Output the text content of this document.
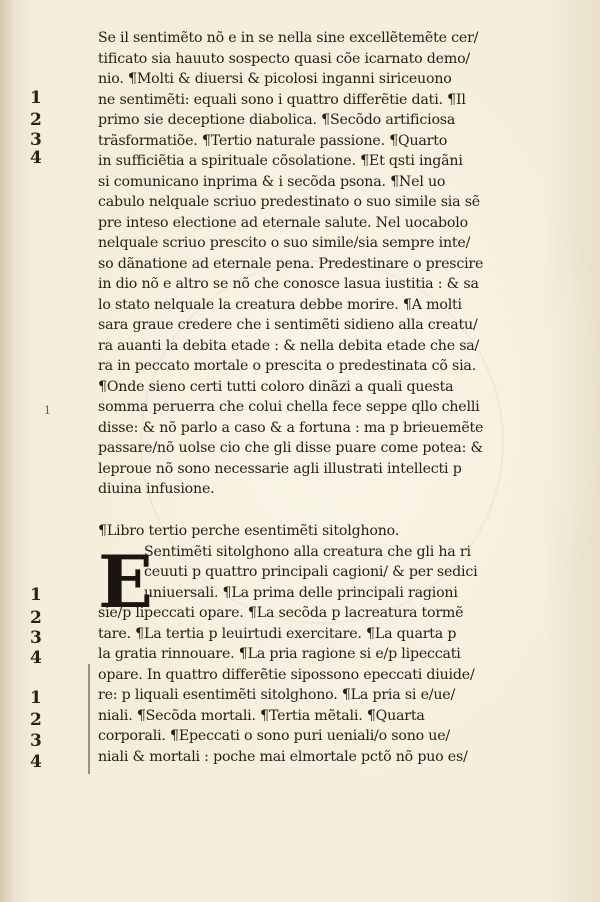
Se il sentimẽto nõ e in se nella sine excellẽtemẽte cer/
tificato sia hauuto sospecto quasi cõe icarnato demo/
nio. ¶Molti & diuersi & picolosi inganni siriceuono
ne sentimẽti: equali sono i quattro differẽtie dati. ¶Il
primo sie deceptione diabolica. ¶Secõdo artificiosa
trãsformatiõe. ¶Tertio naturale passione. ¶Quarto
in sufficiẽtia a spirituale cõsolatione. ¶Et qsti ingãni
si comunicano inprima & i secõda psona. ¶Nel uo
cabulo nelquale scriuo predestinato o suo simile sia sẽ
pre inteso electione ad eternale salute. Nel uocabolo
nelquale scriuo prescito o suo simile/sia sempre inte/
so dãnatione ad eternale pena. Predestinare o prescire
in dio nõ e altro se nõ che conosce lasua iustitia : & sa
lo stato nelquale la creatura debbe morire. ¶A molti
sara graue credere che i sentimẽti sidieno alla creatu/
ra auanti la debita etade : & nella debita etade che sa/
ra in peccato mortale o prescita o predestinata cõ sia.
¶Onde sieno certi tutti coloro dinãzi a quali questa
somma peruerra che colui chella fece seppe qllo chelli
disse: & nõ parlo a caso & a fortuna : ma p brieuemẽte
passare/nõ uolse cio che gli disse puare come potea: &
leproue nõ sono necessarie agli illustrati intellecti p
diuina infusione.
¶Libro tertio perche esentimẽti sitolghono.
E
Sentimẽti sitolghono alla creatura che gli ha ri
ceuuti p quattro principali cagioni/ & per sedici
uniuersali. ¶La prima delle principali ragioni
sie/p lipeccati opare. ¶La secõda p lacreatura tormẽ
tare. ¶La tertia p leuirtudi exercitare. ¶La quarta p
la gratia rinnouare. ¶La pria ragione si e/p lipeccati
opare. In quattro differẽtie sipossono epeccati diuide/
re: p liquali esentimẽti sitolghono. ¶La pria si e/ue/
niali. ¶Secõda mortali. ¶Tertia mẽtali. ¶Quarta
corporali. ¶Epeccati o sono puri ueniali/o sono ue/
niali & mortali : poche mai elmortale pctõ nõ puo es/
1
2
3
4
1
1
2
3
4
1
2
3
4
